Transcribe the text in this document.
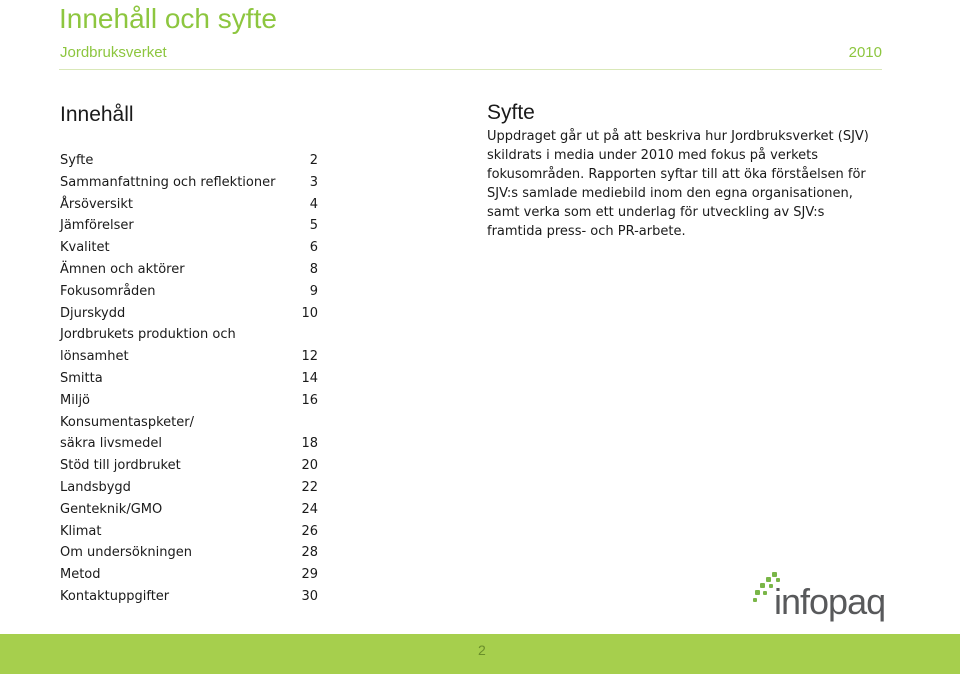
Innehåll och syfte
Jordbruksverket	2010
Innehåll
Syfte	2
Sammanfattning och reflektioner	3
Årsöversikt	4
Jämförelser	5
Kvalitet	6
Ämnen och aktörer	8
Fokusområden	9
Djurskydd	10
Jordbrukets produktion och
lönsamhet	12
Smitta	14
Miljö	16
Konsumentaspketer/
säkra livsmedel	18
Stöd till jordbruket	20
Landsbygd	22
Genteknik/GMO	24
Klimat	26
Om undersökningen	28
Metod	29
Kontaktuppgifter	30
Syfte

Uppdraget går ut på att beskriva hur Jordbruksverket (SJV) skildrats i media under 2010 med fokus på verkets fokusområden. Rapporten syftar till att öka förståelsen för SJV:s samlade mediebild inom den egna organisationen, samt verka som ett underlag för utveckling av SJV:s framtida press- och PR-arbete.

infopaq
2
